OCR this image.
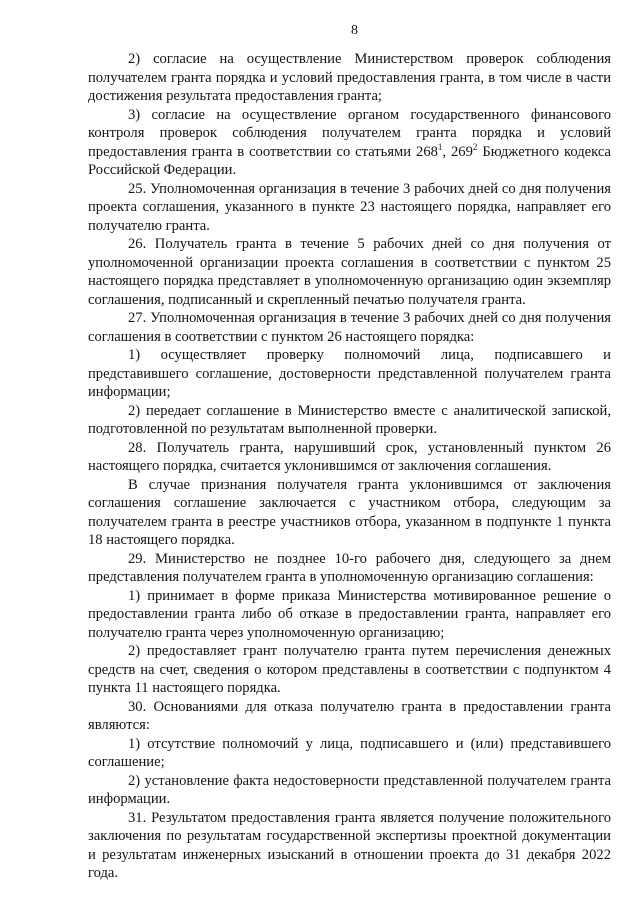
8

2) согласие на осуществление Министерством проверок соблюдения получателем гранта порядка и условий предоставления гранта, в том числе в части достижения результата предоставления гранта;

3) согласие на осуществление органом государственного финансового контроля проверок соблюдения получателем гранта порядка и условий предоставления гранта в соответствии со статьями $268^1$, $269^2$ Бюджетного кодекса Российской Федерации.

25. Уполномоченная организация в течение 3 рабочих дней со дня получения проекта соглашения, указанного в пункте 23 настоящего порядка, направляет его получателю гранта.

26. Получатель гранта в течение 5 рабочих дней со дня получения от уполномоченной организации проекта соглашения в соответствии с пунктом 25 настоящего порядка представляет в уполномоченную организацию один экземпляр соглашения, подписанный и скрепленный печатью получателя гранта.

27. Уполномоченная организация в течение 3 рабочих дней со дня получения соглашения в соответствии с пунктом 26 настоящего порядка:

1) осуществляет проверку полномочий лица, подписавшего и представившего соглашение, достоверности представленной получателем гранта информации;

2) передает соглашение в Министерство вместе с аналитической запиской, подготовленной по результатам выполненной проверки.

28. Получатель гранта, нарушивший срок, установленный пунктом 26 настоящего порядка, считается уклонившимся от заключения соглашения.

В случае признания получателя гранта уклонившимся от заключения соглашения соглашение заключается с участником отбора, следующим за получателем гранта в реестре участников отбора, указанном в подпункте 1 пункта 18 настоящего порядка.

29. Министерство не позднее 10-го рабочего дня, следующего за днем представления получателем гранта в уполномоченную организацию соглашения:

1) принимает в форме приказа Министерства мотивированное решение о предоставлении гранта либо об отказе в предоставлении гранта, направляет его получателю гранта через уполномоченную организацию;

2) предоставляет грант получателю гранта путем перечисления денежных средств на счет, сведения о котором представлены в соответствии с подпунктом 4 пункта 11 настоящего порядка.

30. Основаниями для отказа получателю гранта в предоставлении гранта являются:

1) отсутствие полномочий у лица, подписавшего и (или) представившего соглашение;

2) установление факта недостоверности представленной получателем гранта информации.

31. Результатом предоставления гранта является получение положительного заключения по результатам государственной экспертизы проектной документации и результатам инженерных изысканий в отношении проекта до 31 декабря 2022 года.
